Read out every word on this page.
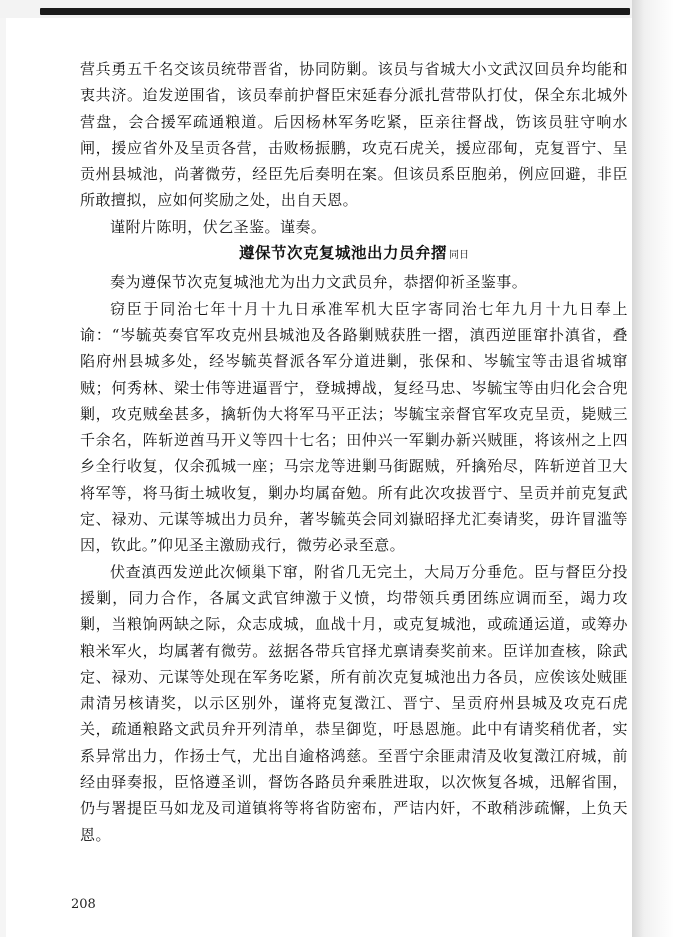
营兵勇五千名交该员统带晋省，协同防剿。该员与省城大小文武汉回员弁均能和衷共济。迨发逆围省，该员奉前护督臣宋延春分派扎营带队打仗，保全东北城外营盘，会合援军疏通粮道。后因杨林军务吃紧，臣亲往督战，饬该员驻守响水闸，援应省外及呈贡各营，击败杨振鹏，攻克石虎关，援应邵甸，克复晋宁、呈贡州县城池，尚著微劳，经臣先后奏明在案。但该员系臣胞弟，例应回避，非臣所敢擅拟，应如何奖励之处，出自天恩。

谨附片陈明，伏乞圣鉴。谨奏。

遵保节次克复城池出力员弁摺 同日

奏为遵保节次克复城池尤为出力文武员弁，恭摺仰祈圣鉴事。

窃臣于同治七年十月十九日承准军机大臣字寄同治七年九月十九日奉上谕：“岑毓英奏官军攻克州县城池及各路剿贼获胜一摺，滇西逆匪窜扑滇省，叠陷府州县城多处，经岑毓英督派各军分道进剿，张保和、岑毓宝等击退省城窜贼；何秀林、梁士伟等进逼晋宁，登城搏战，复经马忠、岑毓宝等由归化会合兜剿，攻克贼垒甚多，擒斩伪大将军马平正法；岑毓宝亲督官军攻克呈贡，毙贼三千余名，阵斩逆酋马开义等四十七名；田仲兴一军剿办新兴贼匪，将该州之上四乡全行收复，仅余孤城一座；马宗龙等进剿马街踞贼，歼擒殆尽，阵斩逆首卫大将军等，将马街土城收复，剿办均属奋勉。所有此次攻拔晋宁、呈贡并前克复武定、禄劝、元谋等城出力员弁，著岑毓英会同刘嶽昭择尤汇奏请奖，毋许冒滥等因，钦此。”仰见圣主激励戎行，微劳必录至意。

伏查滇西发逆此次倾巢下窜，附省几无完土，大局万分垂危。臣与督臣分投援剿，同力合作，各属文武官绅激于义愤，均带领兵勇团练应调而至，竭力攻剿，当粮饷两缺之际，众志成城，血战十月，或克复城池，或疏通运道，或筹办粮米军火，均属著有微劳。兹据各带兵官择尤禀请奏奖前来。臣详加查核，除武定、禄劝、元谋等处现在军务吃紧，所有前次克复城池出力各员，应俟该处贼匪肃清另核请奖，以示区别外，谨将克复澂江、晋宁、呈贡府州县城及攻克石虎关，疏通粮路文武员弁开列清单，恭呈御览，吁恳恩施。此中有请奖稍优者，实系异常出力，作扬士气，尤出自逾格鸿慈。至晋宁余匪肃清及收复澂江府城，前经由驿奏报，臣恪遵圣训，督饬各路员弁乘胜进取，以次恢复各城，迅解省围，仍与署提臣马如龙及司道镇将等将省防密布，严诘内奸，不敢稍涉疏懈，上负天恩。

208
